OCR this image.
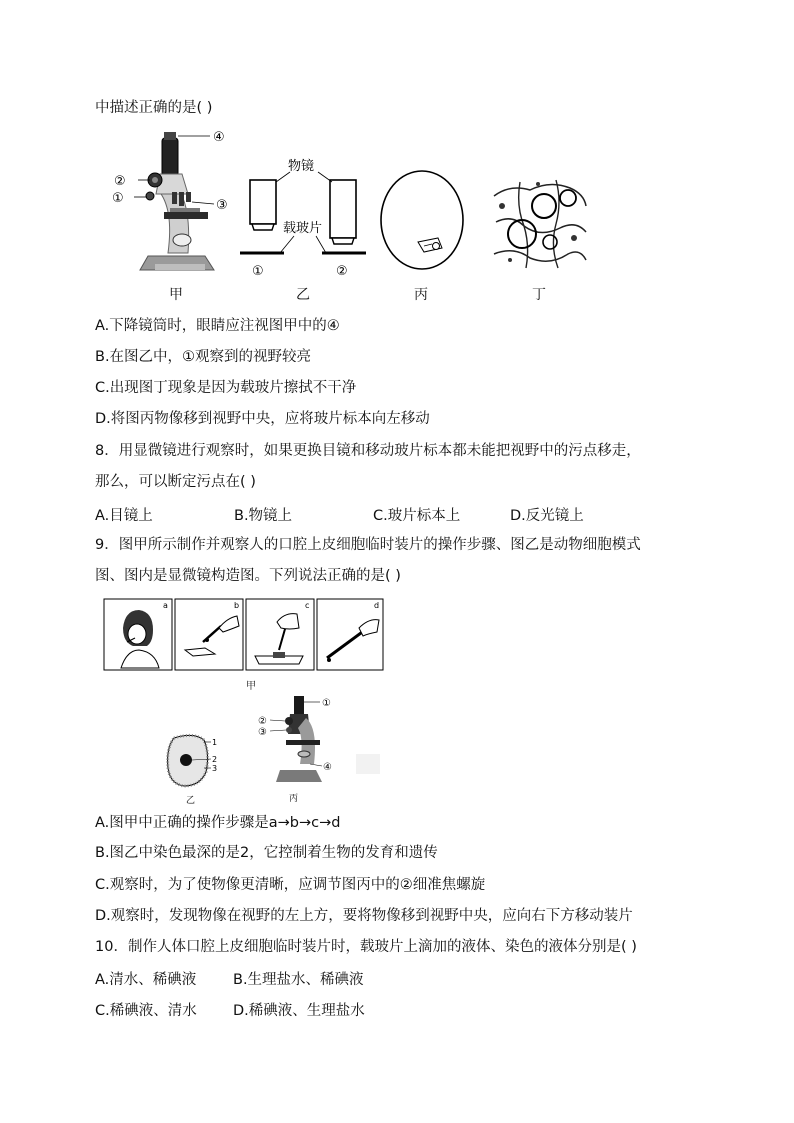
中描述正确的是( )
④
②
①	③
甲
物镜
载玻片
①	②
乙	丙	丁
A.下降镜筒时，眼睛应注视图甲中的④
B.在图乙中，①观察到的视野较亮
C.出现图丁现象是因为载玻片擦拭不干净
D.将图丙物像移到视野中央，应将玻片标本向左移动
8．用显微镜进行观察时，如果更换目镜和移动玻片标本都未能把视野中的污点移走，
那么，可以断定污点在( )
A.目镜上	B.物镜上	C.玻片标本上	D.反光镜上
9．图甲所示制作并观察人的口腔上皮细胞临时装片的操作步骤、图乙是动物细胞模式
图、图内是显微镜构造图。下列说法正确的是( )
a	b	c	d
甲
1
2
3
乙
①
②
③
④
丙
A.图甲中正确的操作步骤是a→b→c→d
B.图乙中染色最深的是2，它控制着生物的发育和遗传
C.观察时，为了使物像更清晰，应调节图丙中的②细准焦螺旋
D.观察时，发现物像在视野的左上方，要将物像移到视野中央，应向右下方移动装片
10．制作人体口腔上皮细胞临时装片时，载玻片上滴加的液体、染色的液体分别是( )
A.清水、稀碘液	B.生理盐水、稀碘液
C.稀碘液、清水	D.稀碘液、生理盐水
